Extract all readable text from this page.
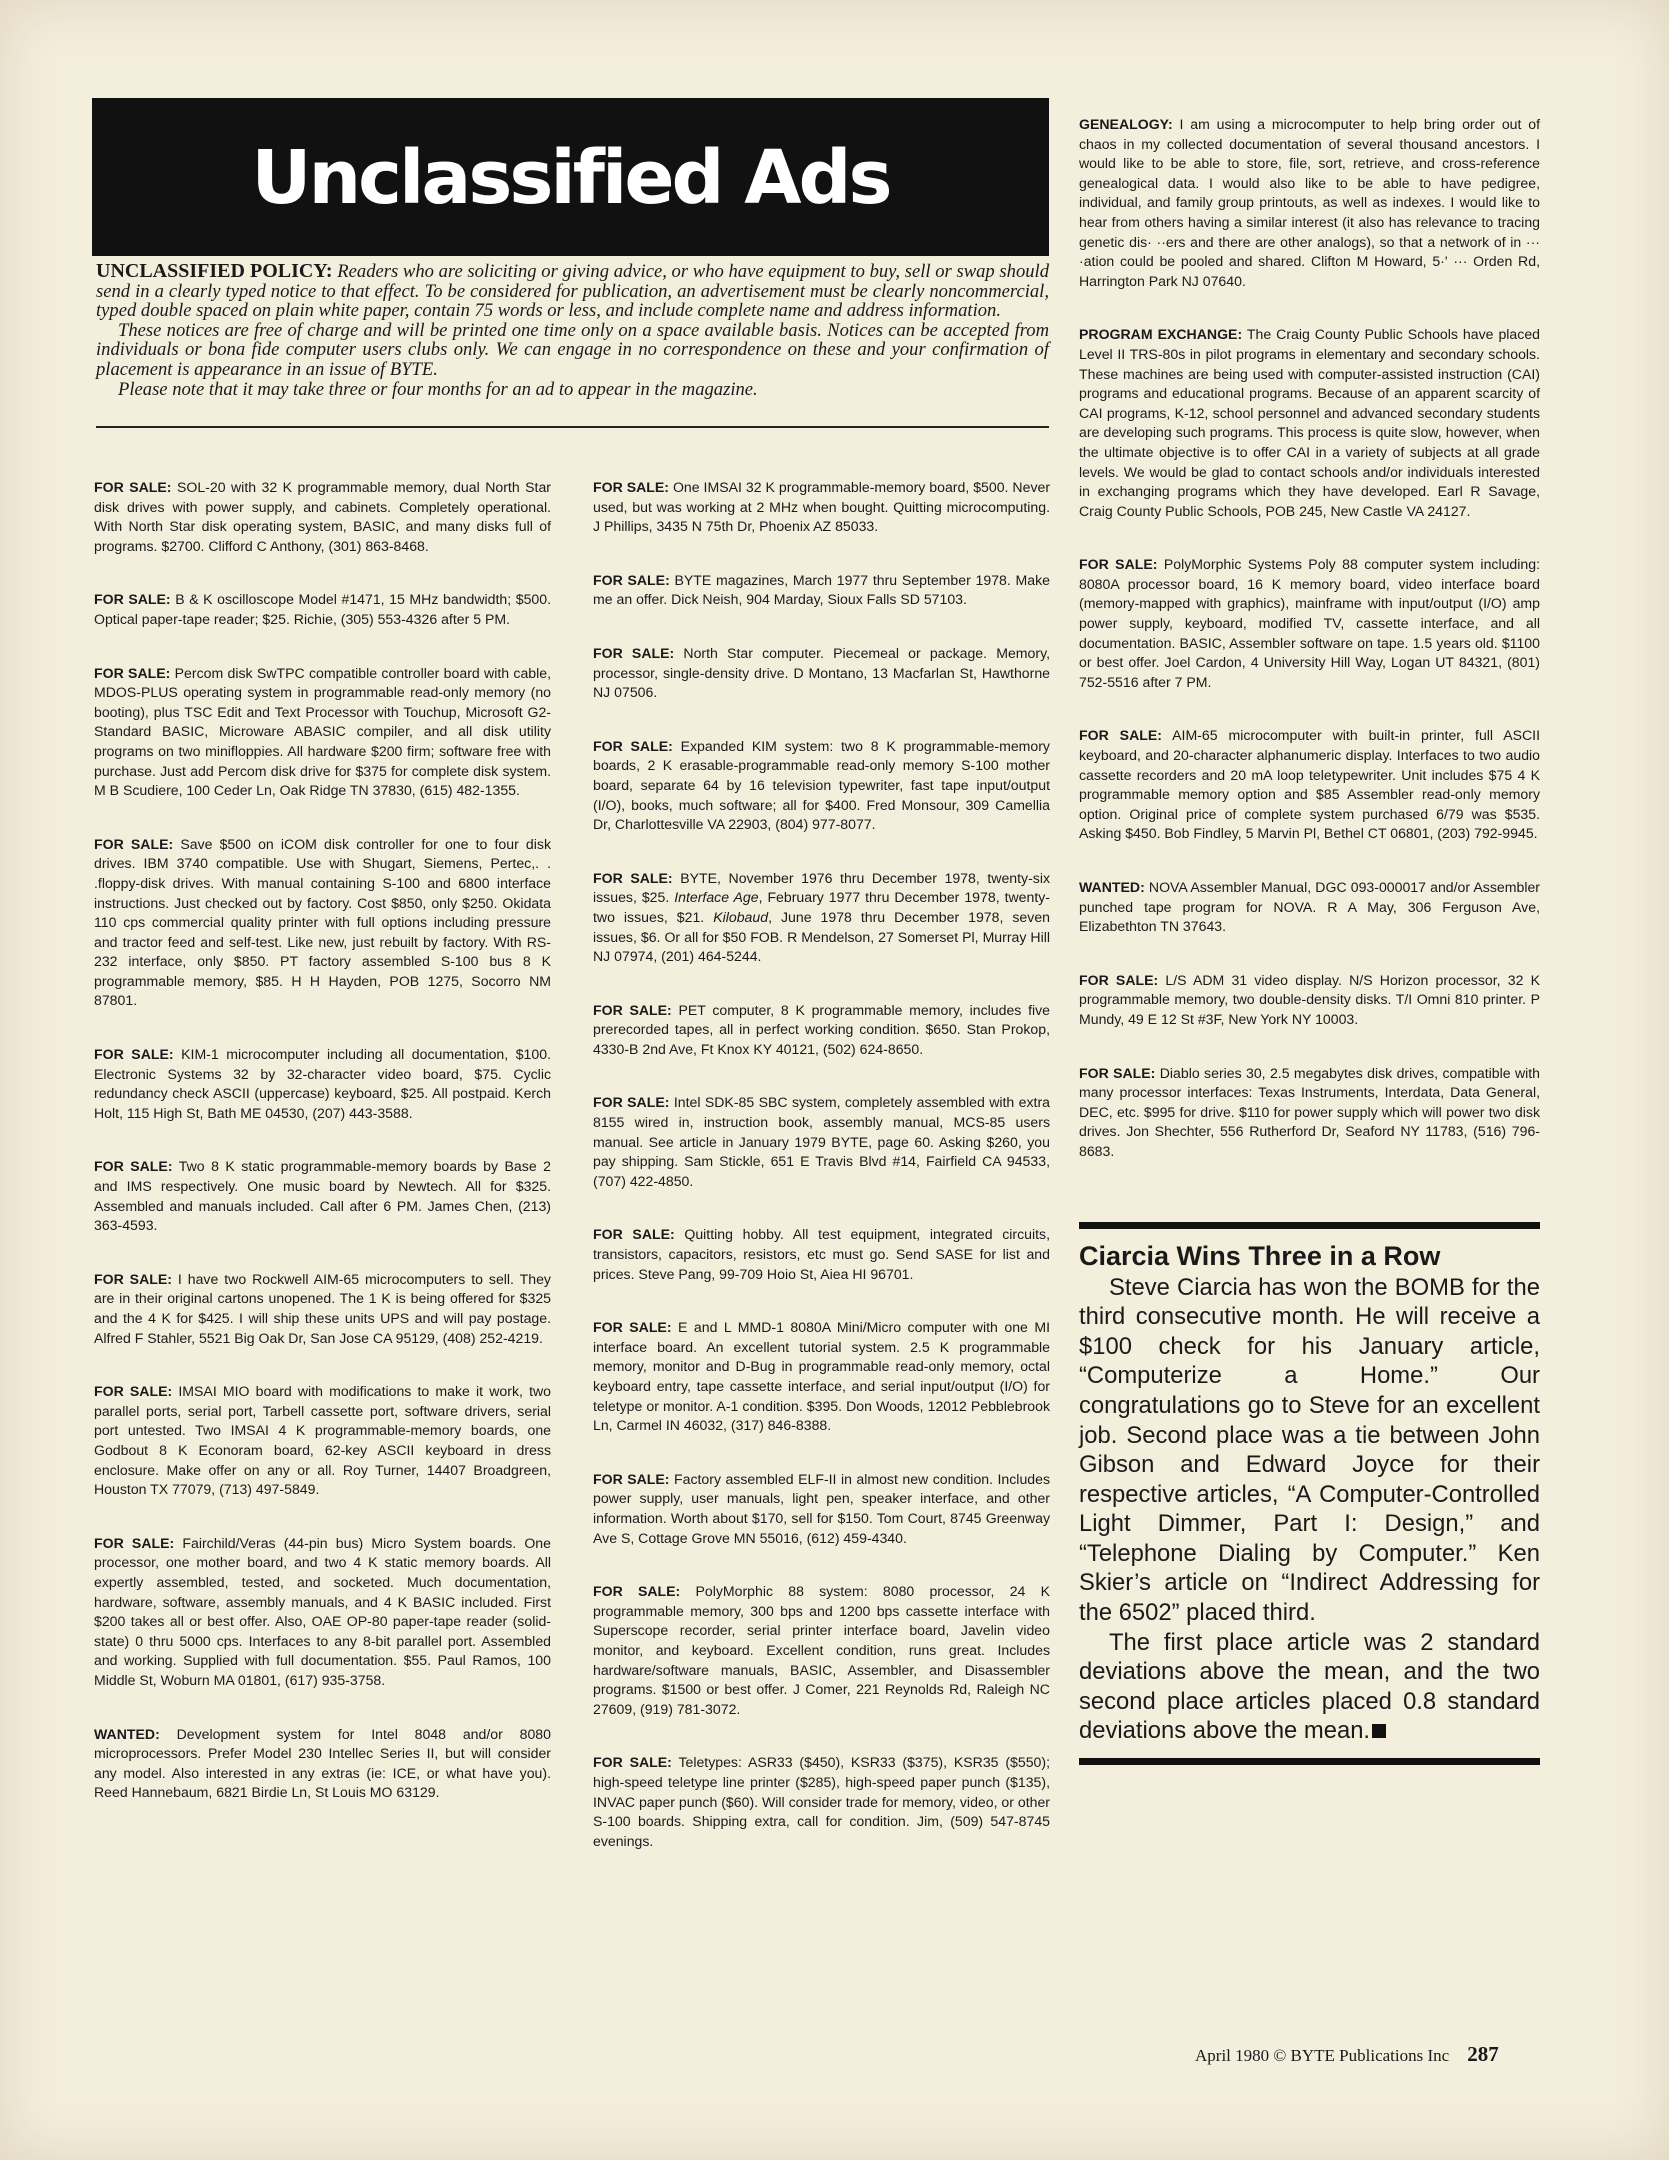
Unclassified Ads

UNCLASSIFIED POLICY: Readers who are soliciting or giving advice, or who have equipment to buy, sell or swap should send in a clearly typed notice to that effect. To be considered for publication, an advertisement must be clearly noncommercial, typed double spaced on plain white paper, contain 75 words or less, and include complete name and address information.

These notices are free of charge and will be printed one time only on a space available basis. Notices can be accepted from individuals or bona fide computer users clubs only. We can engage in no correspondence on these and your confirmation of placement is appearance in an issue of BYTE.

Please note that it may take three or four months for an ad to appear in the magazine.

FOR SALE: SOL-20 with 32 K programmable memory, dual North Star disk drives with power supply, and cabinets. Completely operational. With North Star disk operating system, BASIC, and many disks full of programs. $2700. Clifford C Anthony, (301) 863-8468.

FOR SALE: B & K oscilloscope Model #1471, 15 MHz bandwidth; $500. Optical paper-tape reader; $25. Richie, (305) 553-4326 after 5 PM.

FOR SALE: Percom disk SwTPC compatible controller board with cable, MDOS-PLUS operating system in programmable read-only memory (no booting), plus TSC Edit and Text Processor with Touchup, Microsoft G2-Standard BASIC, Microware ABASIC compiler, and all disk utility programs on two minifloppies. All hardware $200 firm; software free with purchase. Just add Percom disk drive for $375 for complete disk system. M B Scudiere, 100 Ceder Ln, Oak Ridge TN 37830, (615) 482-1355.

FOR SALE: Save $500 on iCOM disk controller for one to four disk drives. IBM 3740 compatible. Use with Shugart, Siemens, Pertec,. . .floppy-disk drives. With manual containing S-100 and 6800 interface instructions. Just checked out by factory. Cost $850, only $250. Okidata 110 cps commercial quality printer with full options including pressure and tractor feed and self-test. Like new, just rebuilt by factory. With RS-232 interface, only $850. PT factory assembled S-100 bus 8 K programmable memory, $85. H H Hayden, POB 1275, Socorro NM 87801.

FOR SALE: KIM-1 microcomputer including all documentation, $100. Electronic Systems 32 by 32-character video board, $75. Cyclic redundancy check ASCII (uppercase) keyboard, $25. All postpaid. Kerch Holt, 115 High St, Bath ME 04530, (207) 443-3588.

FOR SALE: Two 8 K static programmable-memory boards by Base 2 and IMS respectively. One music board by Newtech. All for $325. Assembled and manuals included. Call after 6 PM. James Chen, (213) 363-4593.

FOR SALE: I have two Rockwell AIM-65 microcomputers to sell. They are in their original cartons unopened. The 1 K is being offered for $325 and the 4 K for $425. I will ship these units UPS and will pay postage. Alfred F Stahler, 5521 Big Oak Dr, San Jose CA 95129, (408) 252-4219.

FOR SALE: IMSAI MIO board with modifications to make it work, two parallel ports, serial port, Tarbell cassette port, software drivers, serial port untested. Two IMSAI 4 K programmable-memory boards, one Godbout 8 K Econoram board, 62-key ASCII keyboard in dress enclosure. Make offer on any or all. Roy Turner, 14407 Broadgreen, Houston TX 77079, (713) 497-5849.

FOR SALE: Fairchild/Veras (44-pin bus) Micro System boards. One processor, one mother board, and two 4 K static memory boards. All expertly assembled, tested, and socketed. Much documentation, hardware, software, assembly manuals, and 4 K BASIC included. First $200 takes all or best offer. Also, OAE OP-80 paper-tape reader (solid-state) 0 thru 5000 cps. Interfaces to any 8-bit parallel port. Assembled and working. Supplied with full documentation. $55. Paul Ramos, 100 Middle St, Woburn MA 01801, (617) 935-3758.

WANTED: Development system for Intel 8048 and/or 8080 microprocessors. Prefer Model 230 Intellec Series II, but will consider any model. Also interested in any extras (ie: ICE, or what have you). Reed Hannebaum, 6821 Birdie Ln, St Louis MO 63129.

FOR SALE: One IMSAI 32 K programmable-memory board, $500. Never used, but was working at 2 MHz when bought. Quitting microcomputing. J Phillips, 3435 N 75th Dr, Phoenix AZ 85033.

FOR SALE: BYTE magazines, March 1977 thru September 1978. Make me an offer. Dick Neish, 904 Marday, Sioux Falls SD 57103.

FOR SALE: North Star computer. Piecemeal or package. Memory, processor, single-density drive. D Montano, 13 Macfarlan St, Hawthorne NJ 07506.

FOR SALE: Expanded KIM system: two 8 K programmable-memory boards, 2 K erasable-programmable read-only memory S-100 mother board, separate 64 by 16 television typewriter, fast tape input/output (I/O), books, much software; all for $400. Fred Monsour, 309 Camellia Dr, Charlottesville VA 22903, (804) 977-8077.

FOR SALE: BYTE, November 1976 thru December 1978, twenty-six issues, $25. Interface Age, February 1977 thru December 1978, twenty-two issues, $21. Kilobaud, June 1978 thru December 1978, seven issues, $6. Or all for $50 FOB. R Mendelson, 27 Somerset Pl, Murray Hill NJ 07974, (201) 464-5244.

FOR SALE: PET computer, 8 K programmable memory, includes five prerecorded tapes, all in perfect working condition. $650. Stan Prokop, 4330-B 2nd Ave, Ft Knox KY 40121, (502) 624-8650.

FOR SALE: Intel SDK-85 SBC system, completely assembled with extra 8155 wired in, instruction book, assembly manual, MCS-85 users manual. See article in January 1979 BYTE, page 60. Asking $260, you pay shipping. Sam Stickle, 651 E Travis Blvd #14, Fairfield CA 94533, (707) 422-4850.

FOR SALE: Quitting hobby. All test equipment, integrated circuits, transistors, capacitors, resistors, etc must go. Send SASE for list and prices. Steve Pang, 99-709 Hoio St, Aiea HI 96701.

FOR SALE: E and L MMD-1 8080A Mini/Micro computer with one MI interface board. An excellent tutorial system. 2.5 K programmable memory, monitor and D-Bug in programmable read-only memory, octal keyboard entry, tape cassette interface, and serial input/output (I/O) for teletype or monitor. A-1 condition. $395. Don Woods, 12012 Pebblebrook Ln, Carmel IN 46032, (317) 846-8388.

FOR SALE: Factory assembled ELF-II in almost new condition. Includes power supply, user manuals, light pen, speaker interface, and other information. Worth about $170, sell for $150. Tom Court, 8745 Greenway Ave S, Cottage Grove MN 55016, (612) 459-4340.

FOR SALE: PolyMorphic 88 system: 8080 processor, 24 K programmable memory, 300 bps and 1200 bps cassette interface with Superscope recorder, serial printer interface board, Javelin video monitor, and keyboard. Excellent condition, runs great. Includes hardware/software manuals, BASIC, Assembler, and Disassembler programs. $1500 or best offer. J Comer, 221 Reynolds Rd, Raleigh NC 27609, (919) 781-3072.

FOR SALE: Teletypes: ASR33 ($450), KSR33 ($375), KSR35 ($550); high-speed teletype line printer ($285), high-speed paper punch ($135), INVAC paper punch ($60). Will consider trade for memory, video, or other S-100 boards. Shipping extra, call for condition. Jim, (509) 547-8745 evenings.

GENEALOGY: I am using a microcomputer to help bring order out of chaos in my collected documentation of several thousand ancestors. I would like to be able to store, file, sort, retrieve, and cross-reference genealogical data. I would also like to be able to have pedigree, individual, and family group printouts, as well as indexes. I would like to hear from others having a similar interest (it also has relevance to tracing genetic dis· ··ers and there are other analogs), so that a network of in ··· ·ation could be pooled and shared. Clifton M Howard, 5·' ··· Orden Rd, Harrington Park NJ 07640.

PROGRAM EXCHANGE: The Craig County Public Schools have placed Level II TRS-80s in pilot programs in elementary and secondary schools. These machines are being used with computer-assisted instruction (CAI) programs and educational programs. Because of an apparent scarcity of CAI programs, K-12, school personnel and advanced secondary students are developing such programs. This process is quite slow, however, when the ultimate objective is to offer CAI in a variety of subjects at all grade levels. We would be glad to contact schools and/or individuals interested in exchanging programs which they have developed. Earl R Savage, Craig County Public Schools, POB 245, New Castle VA 24127.

FOR SALE: PolyMorphic Systems Poly 88 computer system including: 8080A processor board, 16 K memory board, video interface board (memory-mapped with graphics), mainframe with input/output (I/O) amp power supply, keyboard, modified TV, cassette interface, and all documentation. BASIC, Assembler software on tape. 1.5 years old. $1100 or best offer. Joel Cardon, 4 University Hill Way, Logan UT 84321, (801) 752-5516 after 7 PM.

FOR SALE: AIM-65 microcomputer with built-in printer, full ASCII keyboard, and 20-character alphanumeric display. Interfaces to two audio cassette recorders and 20 mA loop teletypewriter. Unit includes $75 4 K programmable memory option and $85 Assembler read-only memory option. Original price of complete system purchased 6/79 was $535. Asking $450. Bob Findley, 5 Marvin Pl, Bethel CT 06801, (203) 792-9945.

WANTED: NOVA Assembler Manual, DGC 093-000017 and/or Assembler punched tape program for NOVA. R A May, 306 Ferguson Ave, Elizabethton TN 37643.

FOR SALE: L/S ADM 31 video display. N/S Horizon processor, 32 K programmable memory, two double-density disks. T/I Omni 810 printer. P Mundy, 49 E 12 St #3F, New York NY 10003.

FOR SALE: Diablo series 30, 2.5 megabytes disk drives, compatible with many processor interfaces: Texas Instruments, Interdata, Data General, DEC, etc. $995 for drive. $110 for power supply which will power two disk drives. Jon Shechter, 556 Rutherford Dr, Seaford NY 11783, (516) 796-8683.

Ciarcia Wins Three in a Row

Steve Ciarcia has won the BOMB for the third consecutive month. He will receive a $100 check for his January article, “Computerize a Home.” Our congratulations go to Steve for an excellent job. Second place was a tie between John Gibson and Edward Joyce for their respective articles, “A Computer-Controlled Light Dimmer, Part I: Design,” and “Telephone Dialing by Computer.” Ken Skier’s article on “Indirect Addressing for the 6502” placed third.

The first place article was 2 standard deviations above the mean, and the two second place articles placed 0.8 standard deviations above the mean.

April 1980 © BYTE Publications Inc 287
